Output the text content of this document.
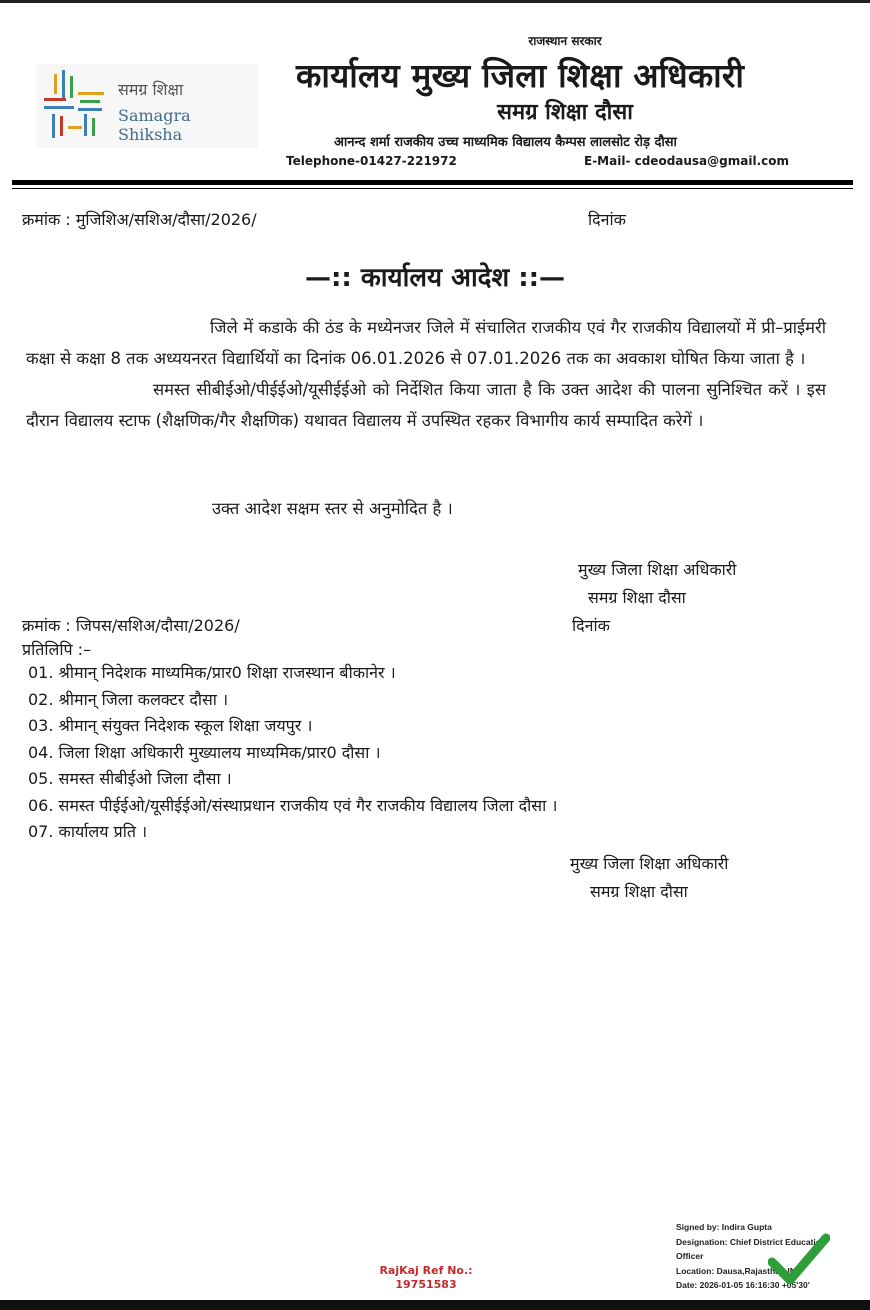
समग्र शिक्षा
Samagra Shiksha
राजस्थान सरकार
कार्यालय मुख्य जिला शिक्षा अधिकारी
समग्र शिक्षा दौसा
आनन्द शर्मा राजकीय उच्च माध्यमिक विद्यालय कैम्पस लालसोट रोड़ दौसा
Telephone-01427-221972	E-Mail- cdeodausa@gmail.com
क्रमांक : मुजिशिअ/सशिअ/दौसा/2026/	दिनांक
—:: कार्यालय आदेश ::—

जिले में कडाके की ठंड के मध्येनजर जिले में संचालित राजकीय एवं गैर राजकीय विद्यालयों में प्री–प्राईमरी कक्षा से कक्षा 8 तक अध्ययनरत विद्यार्थियों का दिनांक 06.01.2026 से 07.01.2026 तक का अवकाश घोषित किया जाता है ।

समस्त सीबीईओ/पीईईओ/यूसीईईओ को निर्देशित किया जाता है कि उक्त आदेश की पालना सुनिश्चित करें । इस दौरान विद्यालय स्टाफ (शैक्षणिक/गैर शैक्षणिक) यथावत विद्यालय में उपस्थित रहकर विभागीय कार्य सम्पादित करेगें ।

उक्त आदेश सक्षम स्तर से अनुमोदित है ।
मुख्य जिला शिक्षा अधिकारी
समग्र शिक्षा दौसा
क्रमांक : जिपस/सशिअ/दौसा/2026/	दिनांक
प्रतिलिपि :–
01. श्रीमान् निदेशक माध्यमिक/प्रार0 शिक्षा राजस्थान बीकानेर ।
02. श्रीमान् जिला कलक्टर दौसा ।
03. श्रीमान् संयुक्त निदेशक स्कूल शिक्षा जयपुर ।
04. जिला शिक्षा अधिकारी मुख्यालय माध्यमिक/प्रार0 दौसा ।
05. समस्त सीबीईओ जिला दौसा ।
06. समस्त पीईईओ/यूसीईईओ/संस्थाप्रधान राजकीय एवं गैर राजकीय विद्यालय जिला दौसा ।
07. कार्यालय प्रति ।
मुख्य जिला शिक्षा अधिकारी
समग्र शिक्षा दौसा
RajKaj Ref No.:
19751583
Signed by: Indira Gupta
Designation: Chief District Education
Officer
Location: Dausa,Rajasthan,IN
Date: 2026-01-05 16:16:30 +05'30'
